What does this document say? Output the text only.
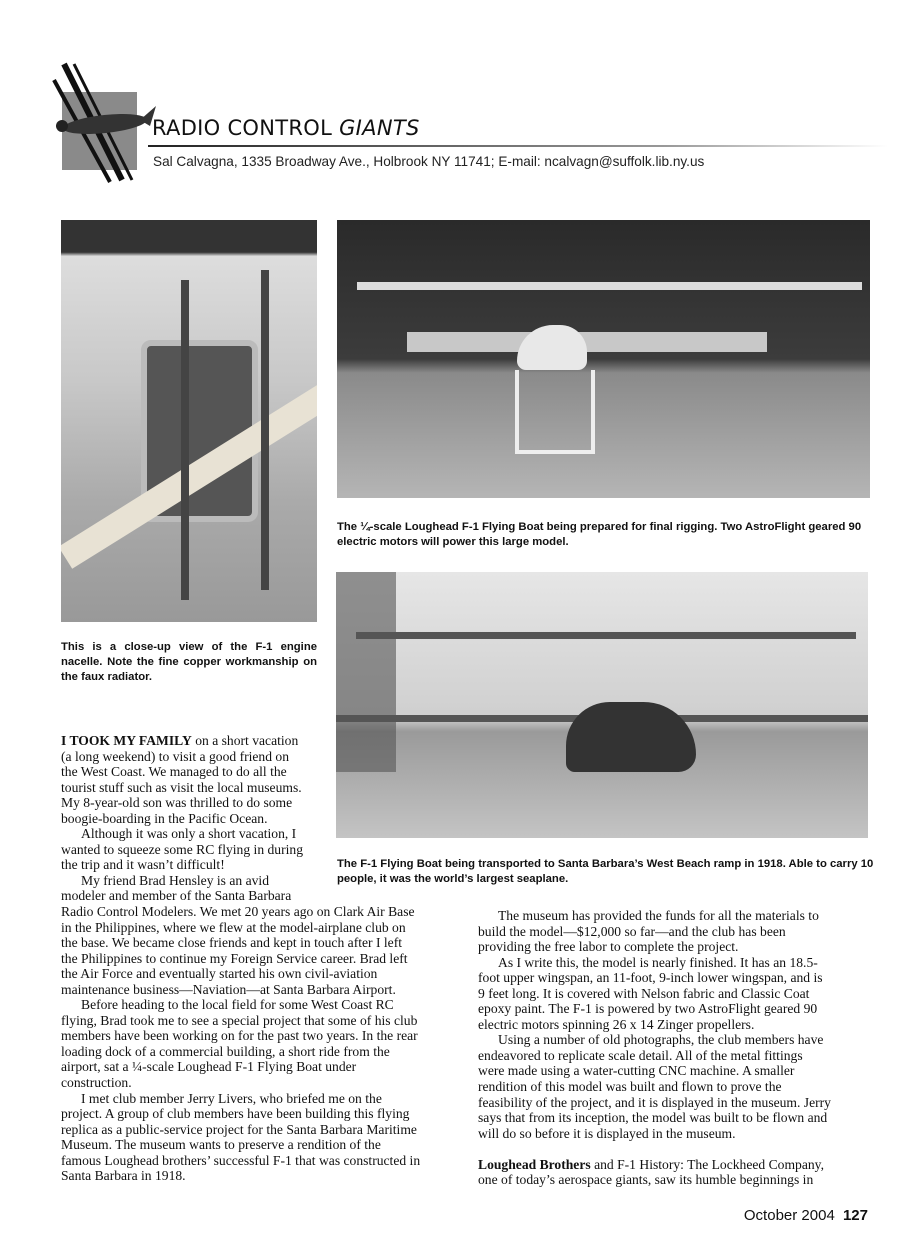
RADIO CONTROL GIANTS
Sal Calvagna, 1335 Broadway Ave., Holbrook NY 11741; E-mail: ncalvagn@suffolk.lib.ny.us
The ¼-scale Loughead F-1 Flying Boat being prepared for final rigging. Two AstroFlight geared 90 electric motors will power this large model.
The F-1 Flying Boat being transported to Santa Barbara’s West Beach ramp in 1918. Able to carry 10 people, it was the world’s largest seaplane.
This is a close-up view of the F-1 engine nacelle. Note the fine copper workmanship on the faux radiator.
I TOOK MY FAMILY on a short vacation
(a long weekend) to visit a good friend on
the West Coast. We managed to do all the
tourist stuff such as visit the local museums.
My 8-year-old son was thrilled to do some
boogie-boarding in the Pacific Ocean.
Although it was only a short vacation, I
wanted to squeeze some RC flying in during
the trip and it wasn’t difficult!
My friend Brad Hensley is an avid
modeler and member of the Santa Barbara
Radio Control Modelers. We met 20 years ago on Clark Air Base
in the Philippines, where we flew at the model-airplane club on
the base. We became close friends and kept in touch after I left
the Philippines to continue my Foreign Service career. Brad left
the Air Force and eventually started his own civil-aviation
maintenance business—Naviation—at Santa Barbara Airport.
Before heading to the local field for some West Coast RC
flying, Brad took me to see a special project that some of his club
members have been working on for the past two years. In the rear
loading dock of a commercial building, a short ride from the
airport, sat a ¼-scale Loughead F-1 Flying Boat under
construction.
I met club member Jerry Livers, who briefed me on the
project. A group of club members have been building this flying
replica as a public-service project for the Santa Barbara Maritime
Museum. The museum wants to preserve a rendition of the
famous Loughead brothers’ successful F-1 that was constructed in
Santa Barbara in 1918.
The museum has provided the funds for all the materials to
build the model—$12,000 so far—and the club has been
providing the free labor to complete the project.
As I write this, the model is nearly finished. It has an 18.5-
foot upper wingspan, an 11-foot, 9-inch lower wingspan, and is
9 feet long. It is covered with Nelson fabric and Classic Coat
epoxy paint. The F-1 is powered by two AstroFlight geared 90
electric motors spinning 26 x 14 Zinger propellers.
Using a number of old photographs, the club members have
endeavored to replicate scale detail. All of the metal fittings
were made using a water-cutting CNC machine. A smaller
rendition of this model was built and flown to prove the
feasibility of the project, and it is displayed in the museum. Jerry
says that from its inception, the model was built to be flown and
will do so before it is displayed in the museum.
Loughead Brothers and F-1 History: The Lockheed Company,
one of today’s aerospace giants, saw its humble beginnings in
October 2004 127
